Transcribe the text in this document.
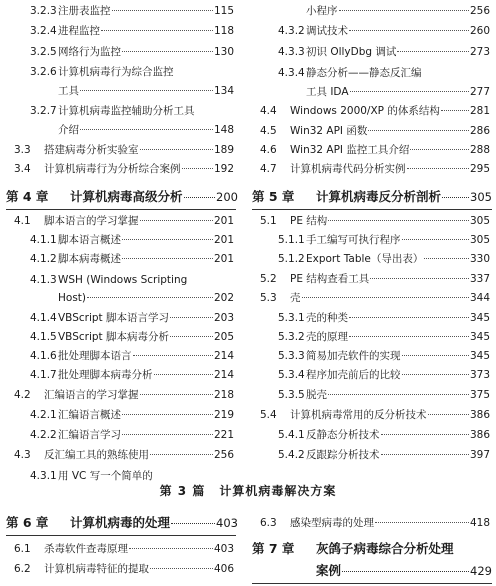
3.2.3 注册表监控	115
3.2.4 进程监控	118
3.2.5 网络行为监控	130
3.2.6 计算机病毒行为综合监控
工具	134
3.2.7 计算机病毒监控辅助分析工具
介绍	148
3.3	搭建病毒分析实验室	189
3.4	计算机病毒行为分析综合案例	192
第 4 章	计算机病毒高级分析	200
4.1	脚本语言的学习掌握	201
4.1.1 脚本语言概述	201
4.1.2 脚本病毒概述	201
4.1.3 WSH (Windows Scripting
Host)	202
4.1.4 VBScript 脚本语言学习	203
4.1.5 VBScript 脚本病毒分析	205
4.1.6 批处理脚本语言	214
4.1.7 批处理脚本病毒分析	214
4.2	汇编语言的学习掌握	218
4.2.1 汇编语言概述	219
4.2.2 汇编语言学习	221
4.3	反汇编工具的熟练使用	256
4.3.1 用 VC 写一个简单的
小程序	256
4.3.2 调试技术	260
4.3.3 初识 OllyDbg 调试	273
4.3.4 静态分析——静态反汇编
工具 IDA	277
4.4	Windows 2000/XP 的体系结构	281
4.5	Win32 API 函数	286
4.6	Win32 API 监控工具介绍	288
4.7	计算机病毒代码分析实例	295
第 5 章	计算机病毒反分析剖析	305
5.1	PE 结构	305
5.1.1 手工编写可执行程序	305
5.1.2 Export Table（导出表）	330
5.2	PE 结构查看工具	337
5.3	壳	344
5.3.1 壳的种类	345
5.3.2 壳的原理	345
5.3.3 简易加壳软件的实现	345
5.3.4 程序加壳前后的比较	373
5.3.5 脱壳	375
5.4	计算机病毒常用的反分析技术	386
5.4.1 反静态分析技术	386
5.4.2 反跟踪分析技术	397
第 3 篇 计算机病毒解决方案
第 6 章	计算机病毒的处理	403
6.1	杀毒软件查毒原理	403
6.2	计算机病毒特征的提取	406
6.3	感染型病毒的处理	418
第 7 章	灰鸽子病毒综合分析处理
案例	429
